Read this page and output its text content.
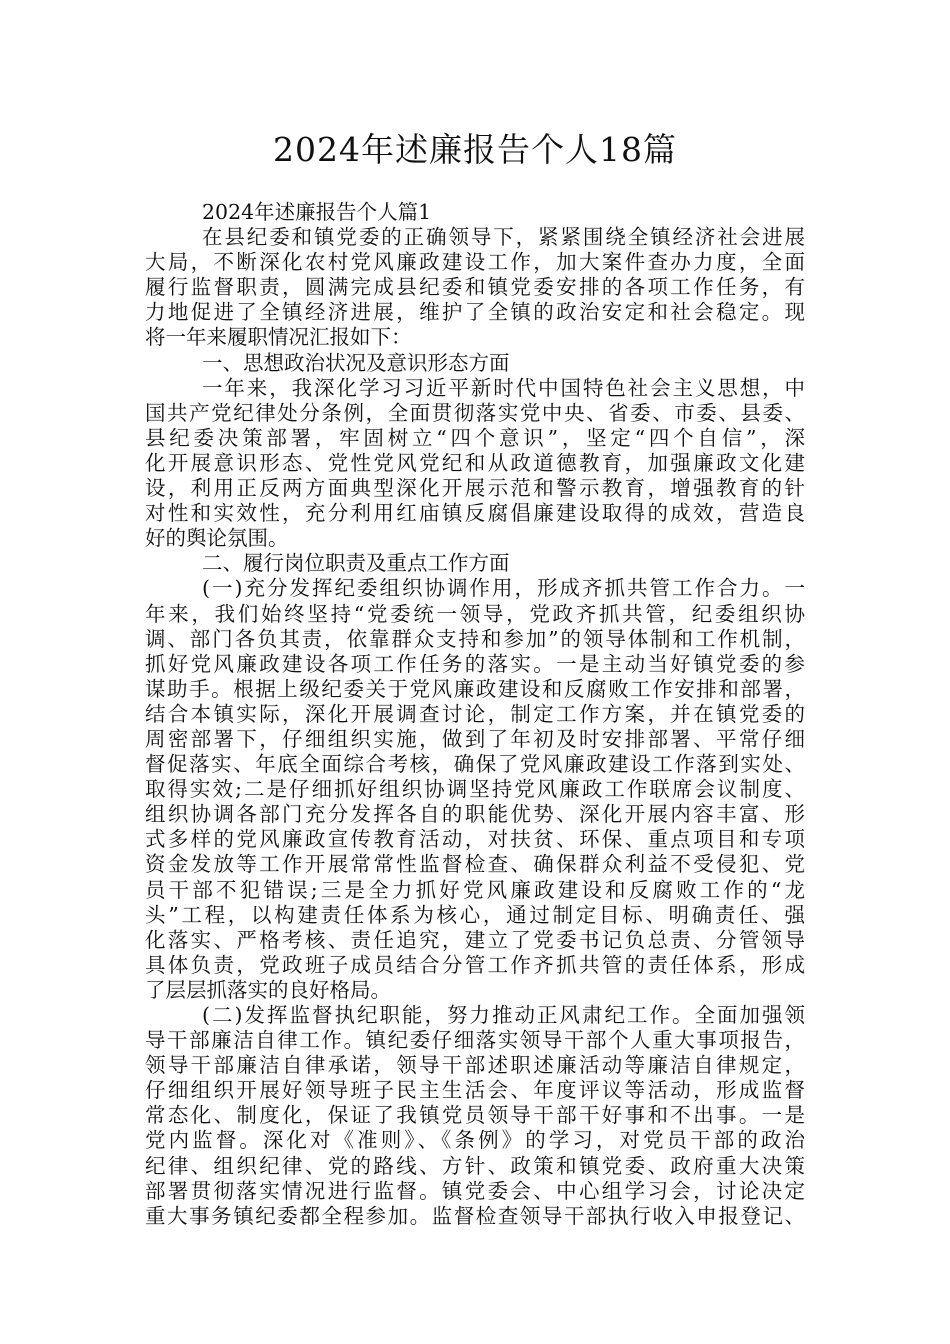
2024年述廉报告个人18篇
2024年述廉报告个人篇1
在县纪委和镇党委的正确领导下，紧紧围绕全镇经济社会进展
大局，不断深化农村党风廉政建设工作，加大案件查办力度，全面
履行监督职责，圆满完成县纪委和镇党委安排的各项工作任务，有
力地促进了全镇经济进展，维护了全镇的政治安定和社会稳定。现
将一年来履职情况汇报如下：
一、思想政治状况及意识形态方面
一年来，我深化学习习近平新时代中国特色社会主义思想，中
国共产党纪律处分条例，全面贯彻落实党中央、省委、市委、县委、
县纪委决策部署，牢固树立“四个意识”，坚定“四个自信”，深
化开展意识形态、党性党风党纪和从政道德教育，加强廉政文化建
设，利用正反两方面典型深化开展示范和警示教育，增强教育的针
对性和实效性，充分利用红庙镇反腐倡廉建设取得的成效，营造良
好的舆论氛围。
二、履行岗位职责及重点工作方面
(一)充分发挥纪委组织协调作用，形成齐抓共管工作合力。一
年来，我们始终坚持“党委统一领导，党政齐抓共管，纪委组织协
调、部门各负其责，依靠群众支持和参加”的领导体制和工作机制，
抓好党风廉政建设各项工作任务的落实。一是主动当好镇党委的参
谋助手。根据上级纪委关于党风廉政建设和反腐败工作安排和部署，
结合本镇实际，深化开展调查讨论，制定工作方案，并在镇党委的
周密部署下，仔细组织实施，做到了年初及时安排部署、平常仔细
督促落实、年底全面综合考核，确保了党风廉政建设工作落到实处、
取得实效;二是仔细抓好组织协调坚持党风廉政工作联席会议制度、
组织协调各部门充分发挥各自的职能优势、深化开展内容丰富、形
式多样的党风廉政宣传教育活动，对扶贫、环保、重点项目和专项
资金发放等工作开展常常性监督检查、确保群众利益不受侵犯、党
员干部不犯错误;三是全力抓好党风廉政建设和反腐败工作的“龙
头”工程，以构建责任体系为核心，通过制定目标、明确责任、强
化落实、严格考核、责任追究，建立了党委书记负总责、分管领导
具体负责，党政班子成员结合分管工作齐抓共管的责任体系，形成
了层层抓落实的良好格局。
(二)发挥监督执纪职能，努力推动正风肃纪工作。全面加强领
导干部廉洁自律工作。镇纪委仔细落实领导干部个人重大事项报告，
领导干部廉洁自律承诺，领导干部述职述廉活动等廉洁自律规定，
仔细组织开展好领导班子民主生活会、年度评议等活动，形成监督
常态化、制度化，保证了我镇党员领导干部干好事和不出事。一是
党内监督。深化对《准则》、《条例》的学习，对党员干部的政治
纪律、组织纪律、党的路线、方针、政策和镇党委、政府重大决策
部署贯彻落实情况进行监督。镇党委会、中心组学习会，讨论决定
重大事务镇纪委都全程参加。监督检查领导干部执行收入申报登记、
